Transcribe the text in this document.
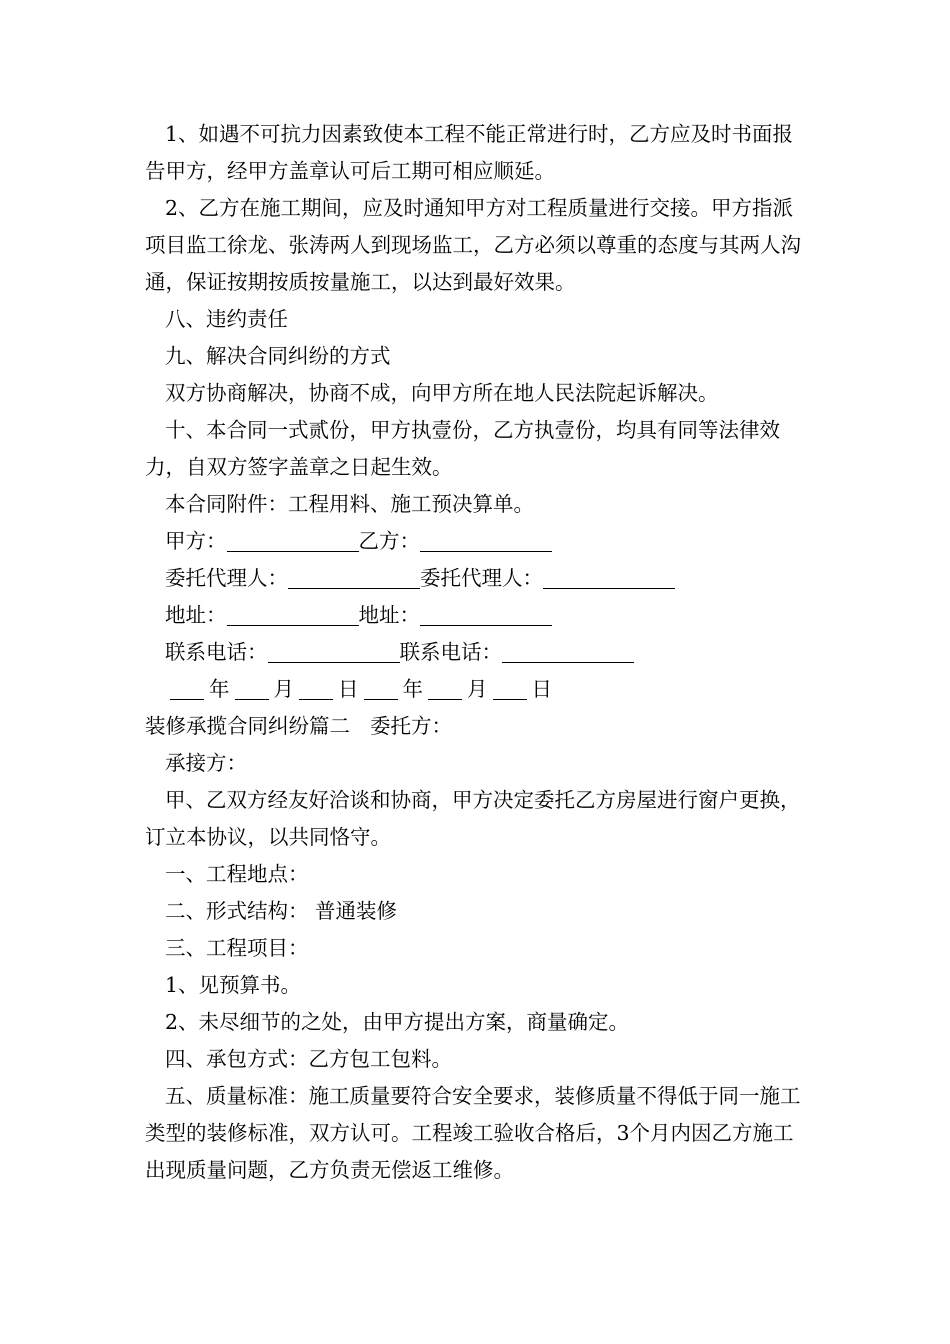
1、如遇不可抗力因素致使本工程不能正常进行时，乙方应及时书面报告甲方，经甲方盖章认可后工期可相应顺延。

2、乙方在施工期间，应及时通知甲方对工程质量进行交接。甲方指派项目监工徐龙、张涛两人到现场监工，乙方必须以尊重的态度与其两人沟通，保证按期按质按量施工，以达到最好效果。

八、违约责任

九、解决合同纠纷的方式

双方协商解决，协商不成，向甲方所在地人民法院起诉解决。

十、本合同一式贰份，甲方执壹份，乙方执壹份，均具有同等法律效力，自双方签字盖章之日起生效。

本合同附件：工程用料、施工预决算单。

甲方：	乙方：

委托代理人：	委托代理人：

地址：	地址：

联系电话：	联系电话：

年 月 日 年 月 日

装修承揽合同纠纷篇二 委托方：

承接方：

甲、乙双方经友好洽谈和协商，甲方决定委托乙方房屋进行窗户更换，订立本协议，以共同恪守。

一、工程地点：

二、形式结构： 普通装修

三、工程项目：

1、见预算书。

2、未尽细节的之处，由甲方提出方案，商量确定。

四、承包方式：乙方包工包料。

五、质量标准：施工质量要符合安全要求，装修质量不得低于同一施工类型的装修标准，双方认可。工程竣工验收合格后，3个月内因乙方施工出现质量问题，乙方负责无偿返工维修。
